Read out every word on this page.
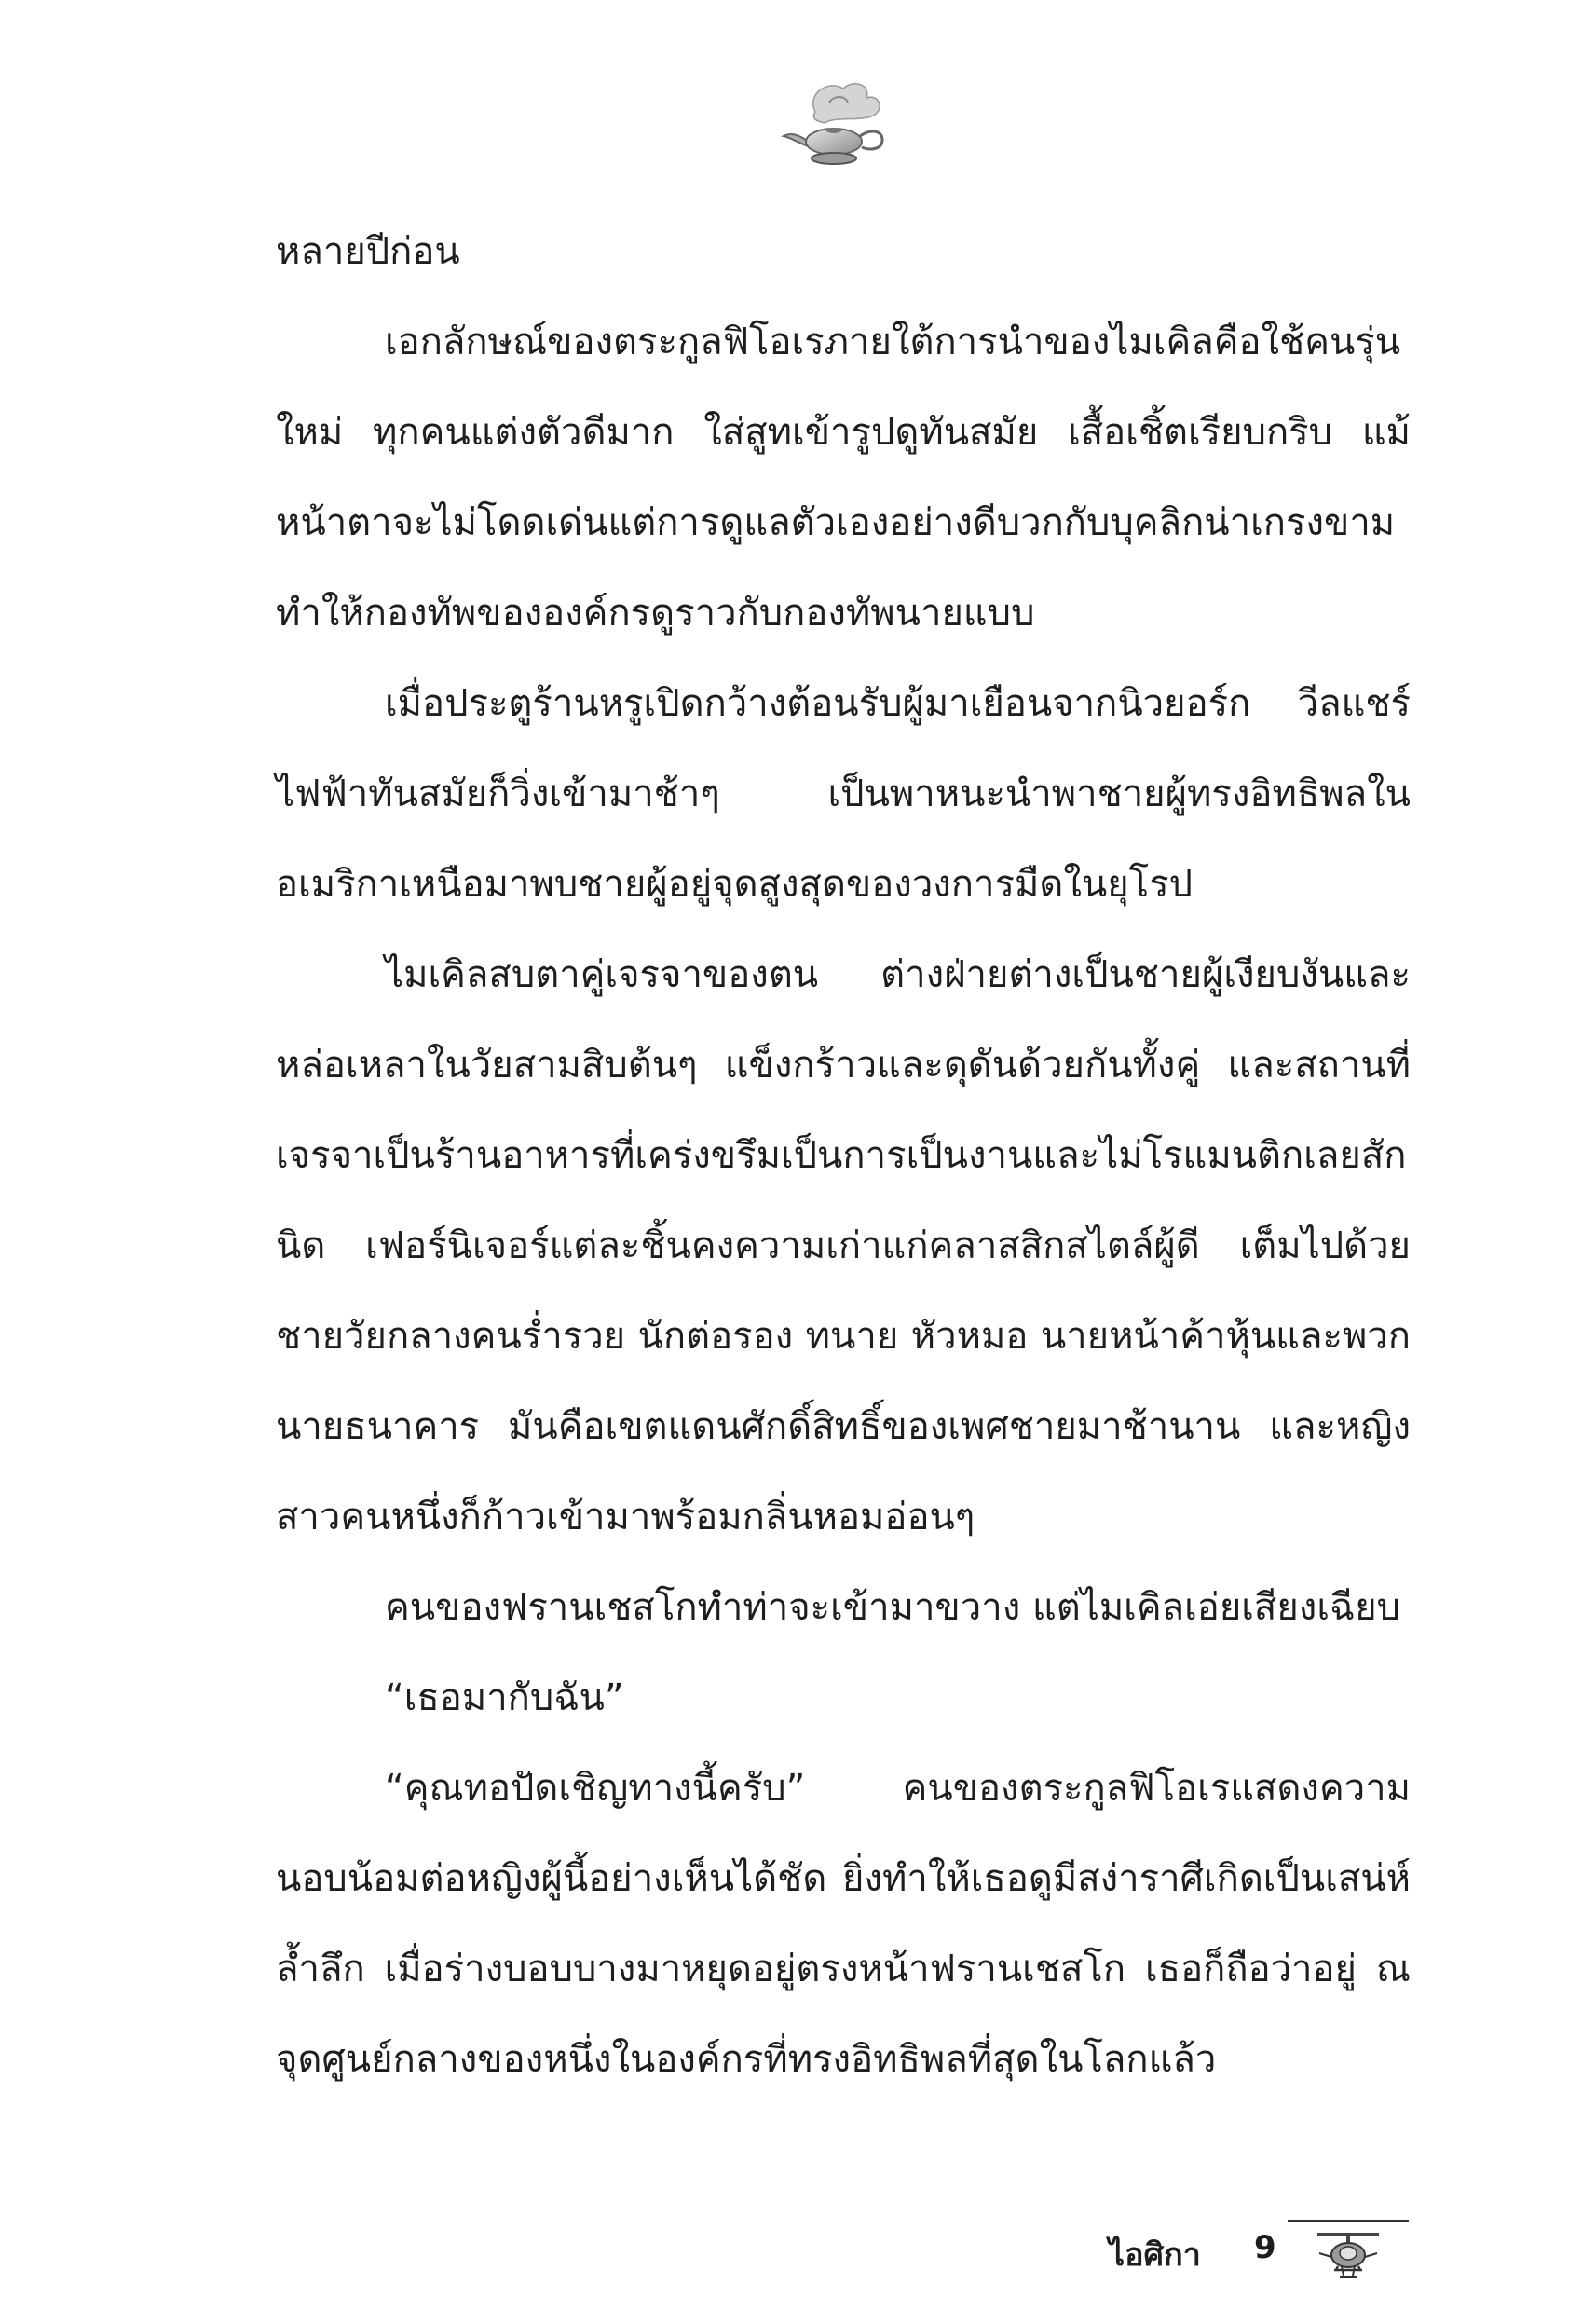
หลายปีก่อน

เอกลักษณ์ของตระกูลฟิโอเรภายใต้การนำของไมเคิลคือใช้คนรุ่นใหม่ ทุกคนแต่งตัวดีมาก ใส่สูทเข้ารูปดูทันสมัย เสื้อเชิ้ตเรียบกริบ แม้หน้าตาจะไม่โดดเด่นแต่การดูแลตัวเองอย่างดีบวกกับบุคลิกน่าเกรงขาม ทำให้กองทัพขององค์กรดูราวกับกองทัพนายแบบ

เมื่อประตูร้านหรูเปิดกว้างต้อนรับผู้มาเยือนจากนิวยอร์ก วีลแชร์ไฟฟ้าทันสมัยก็วิ่งเข้ามาช้าๆ เป็นพาหนะนำพาชายผู้ทรงอิทธิพลในอเมริกาเหนือมาพบชายผู้อยู่จุดสูงสุดของวงการมืดในยุโรป

ไมเคิลสบตาคู่เจรจาของตน ต่างฝ่ายต่างเป็นชายผู้เงียบงันและหล่อเหลาในวัยสามสิบต้นๆ แข็งกร้าวและดุดันด้วยกันทั้งคู่ และสถานที่เจรจาเป็นร้านอาหารที่เคร่งขรึมเป็นการเป็นงานและไม่โรแมนติกเลยสักนิด เฟอร์นิเจอร์แต่ละชิ้นคงความเก่าแก่คลาสสิกสไตล์ผู้ดี เต็มไปด้วยชายวัยกลางคนร่ำรวย นักต่อรอง ทนาย หัวหมอ นายหน้าค้าหุ้นและพวกนายธนาคาร มันคือเขตแดนศักดิ์สิทธิ์ของเพศชายมาช้านาน และหญิงสาวคนหนึ่งก็ก้าวเข้ามาพร้อมกลิ่นหอมอ่อนๆ

คนของฟรานเชสโกทำท่าจะเข้ามาขวาง แต่ไมเคิลเอ่ยเสียงเฉียบ

“เธอมากับฉัน”

“คุณทอปัดเชิญทางนี้ครับ” คนของตระกูลฟิโอเรแสดงความนอบน้อมต่อหญิงผู้นี้อย่างเห็นได้ชัด ยิ่งทำให้เธอดูมีสง่าราศีเกิดเป็นเสน่ห์ล้ำลึก เมื่อร่างบอบบางมาหยุดอยู่ตรงหน้าฟรานเชสโก เธอก็ถือว่าอยู่ ณ จุดศูนย์กลางของหนึ่งในองค์กรที่ทรงอิทธิพลที่สุดในโลกแล้ว

ไอศิกา 9
